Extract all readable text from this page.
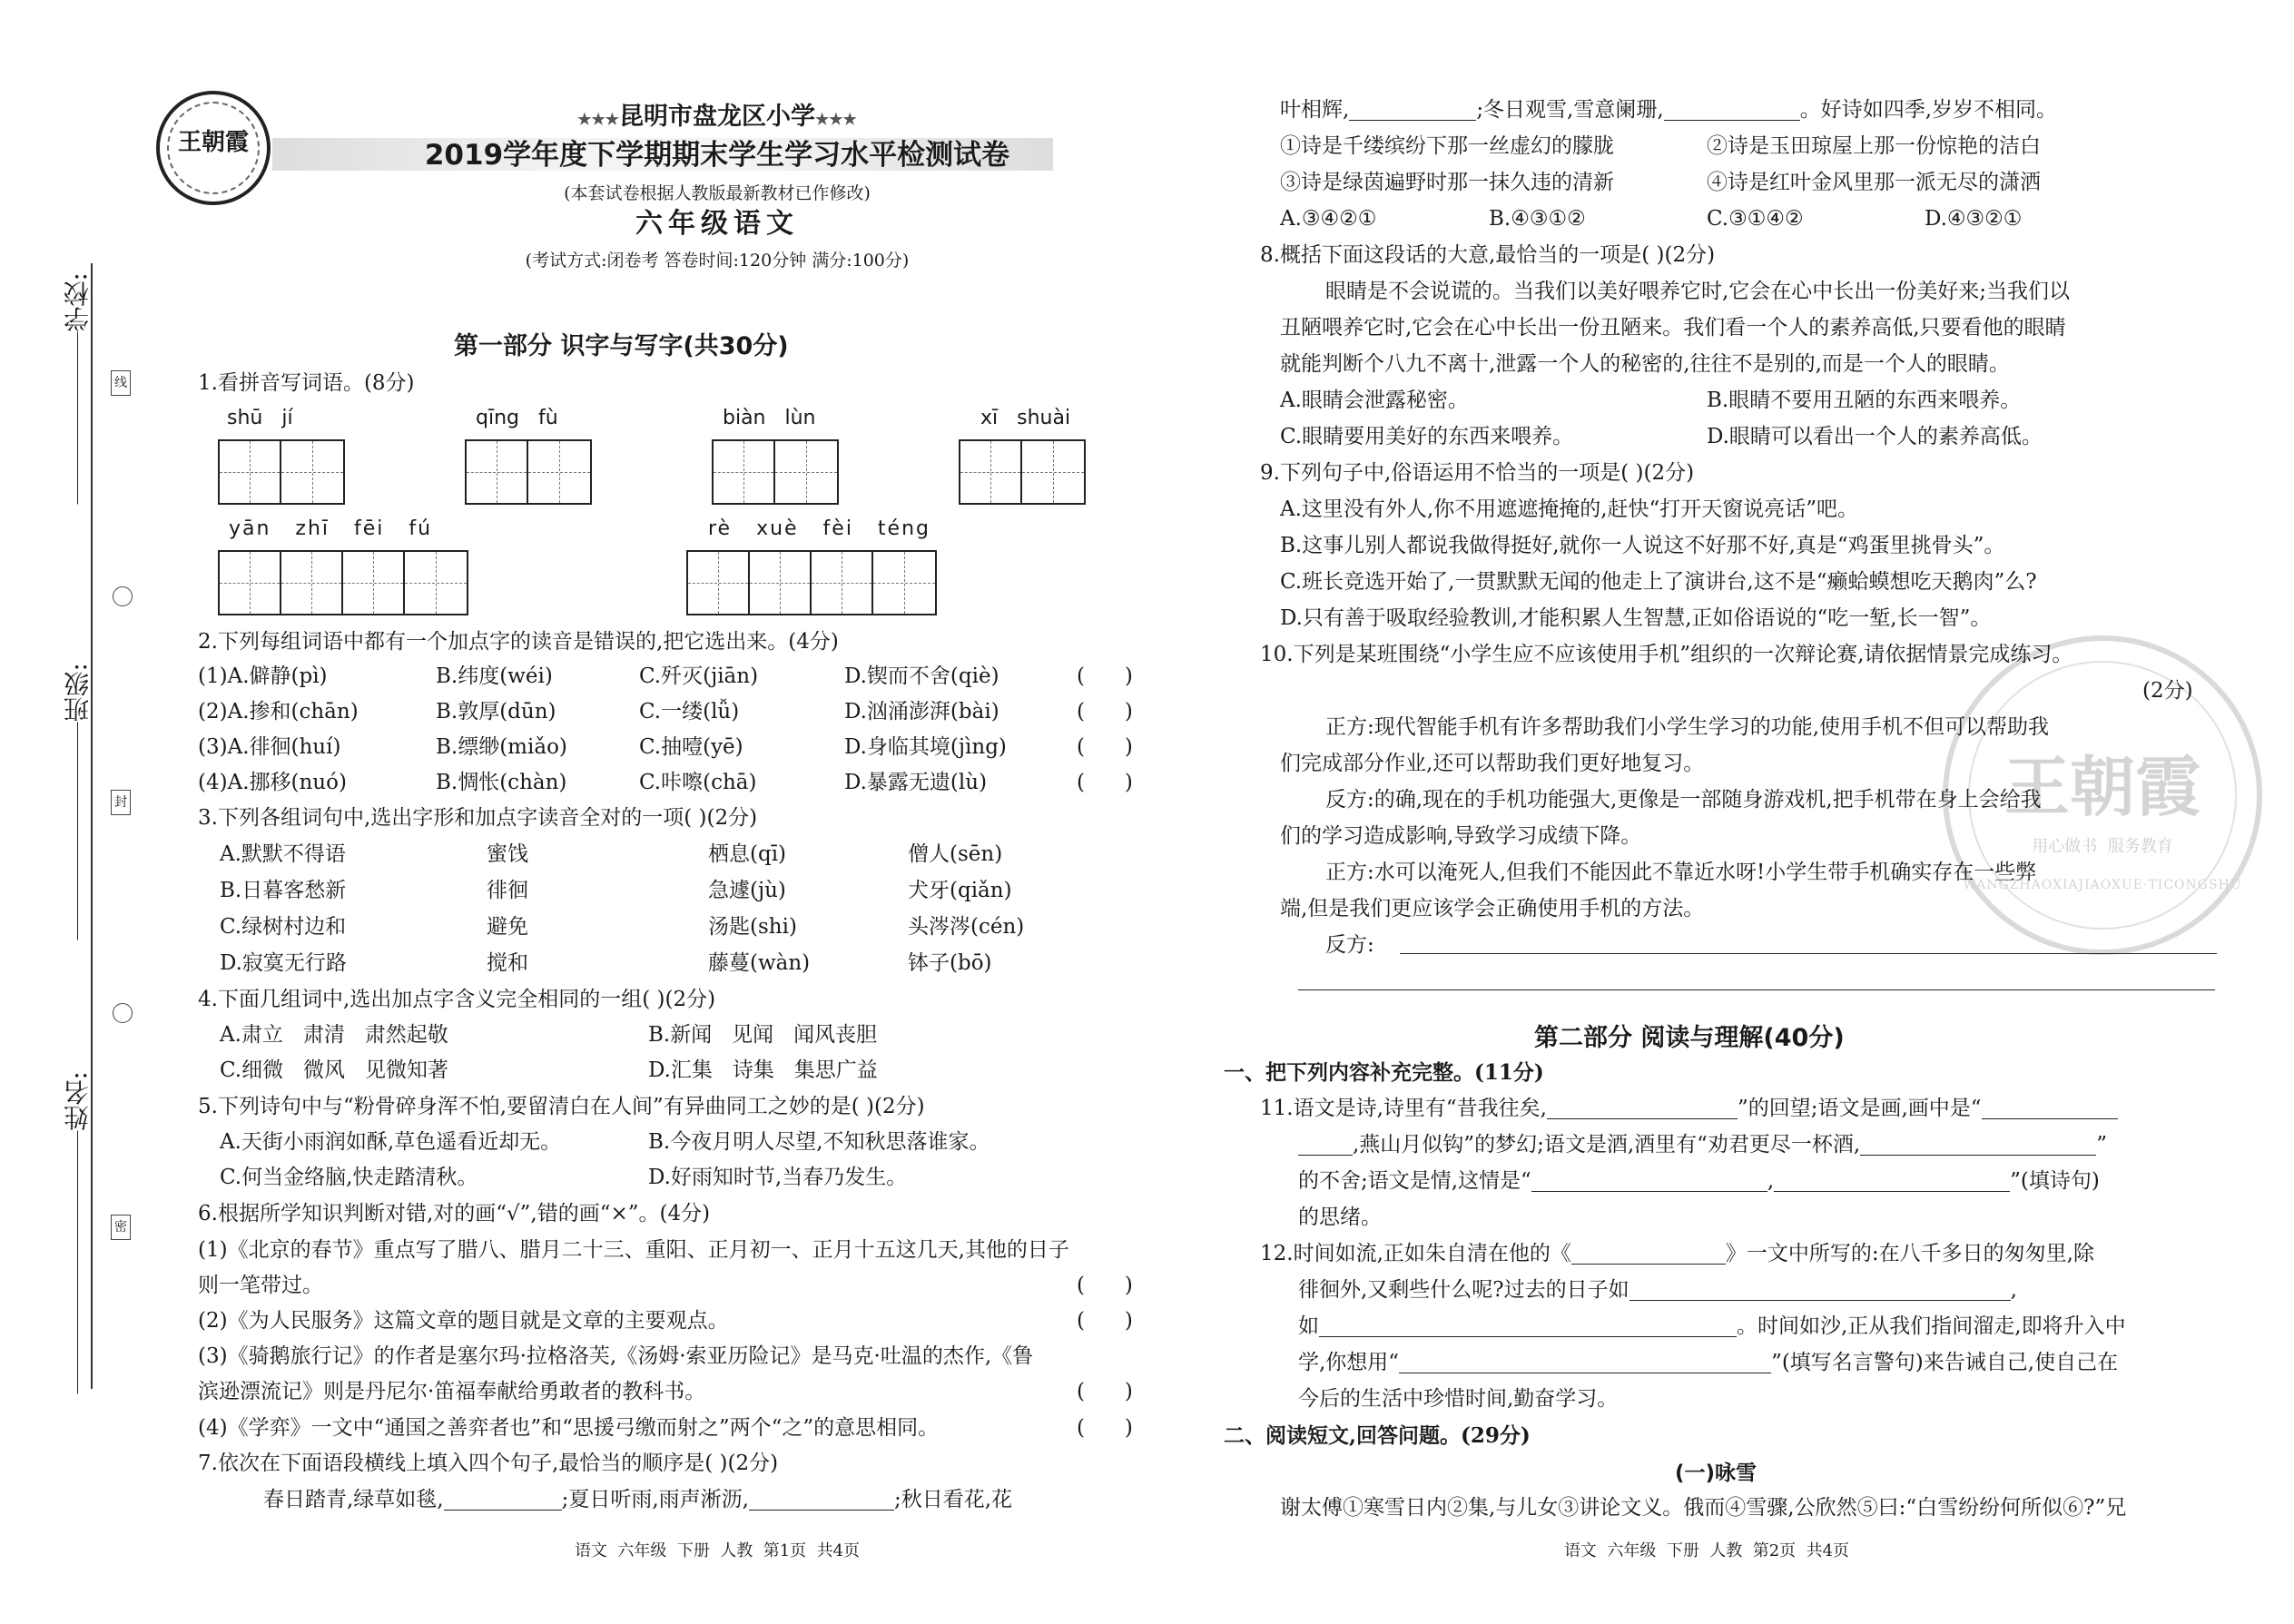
学校:
班级:
姓名:
线
封
密
王朝霞
★★★昆明市盘龙区小学★★★
2019学年度下学期期末学生学习水平检测试卷
(本套试卷根据人教版最新教材已作修改)
六年级语文
(考试方式:闭卷考 答卷时间:120分钟 满分:100分)
第一部分 识字与写字(共30分)
1.看拼音写词语。(8分)
shū   jí	qīng   fù	biàn   lùn	xī   shuài
yān   zhī   fēi   fú	rè   xuè   fèi   téng
2.下列每组词语中都有一个加点字的读音是错误的,把它选出来。(4分)
(1)A.僻静(pì)	B.纬度(wéi)	C.歼灭(jiān)	D.锲而不舍(qiè)	(      )
(2)A.掺和(chān)	B.敦厚(dūn)	C.一缕(lǚ)	D.汹涌澎湃(bài)	(      )
(3)A.徘徊(huí)	B.缥缈(miǎo)	C.抽噎(yē)	D.身临其境(jìng)	(      )
(4)A.挪移(nuó)	B.惆怅(chàn)	C.咔嚓(chā)	D.暴露无遗(lù)	(      )
3.下列各组词句中,选出字形和加点字读音全对的一项( )(2分)
A.默默不得语	蜜饯	栖息(qī)	僧人(sēn)
B.日暮客愁新	徘徊	急遽(jù)	犬牙(qiǎn)
C.绿树村边和	避免	汤匙(shi)	头涔涔(cén)
D.寂寞无行路	搅和	藤蔓(wàn)	钵子(bō)
4.下面几组词中,选出加点字含义完全相同的一组( )(2分)
A.肃立   肃清   肃然起敬	B.新闻   见闻   闻风丧胆
C.细微   微风   见微知著	D.汇集   诗集   集思广益
5.下列诗句中与“粉骨碎身浑不怕,要留清白在人间”有异曲同工之妙的是( )(2分)
A.天街小雨润如酥,草色遥看近却无。	B.今夜月明人尽望,不知秋思落谁家。
C.何当金络脑,快走踏清秋。	D.好雨知时节,当春乃发生。
6.根据所学知识判断对错,对的画“√”,错的画“×”。(4分)
(1)《北京的春节》重点写了腊八、腊月二十三、重阳、正月初一、正月十五这几天,其他的日子
则一笔带过。	(      )
(2)《为人民服务》这篇文章的题目就是文章的主要观点。	(      )
(3)《骑鹅旅行记》的作者是塞尔玛·拉格洛芙,《汤姆·索亚历险记》是马克·吐温的杰作,《鲁
滨逊漂流记》则是丹尼尔·笛福奉献给勇敢者的教科书。	(      )
(4)《学弈》一文中“通国之善弈者也”和“思援弓缴而射之”两个“之”的意思相同。	(      )
7.依次在下面语段横线上填入四个句子,最恰当的顺序是( )(2分)
春日踏青,绿草如毯,	;夏日听雨,雨声淅沥,	;秋日看花,花
语文  六年级  下册  人教  第1页  共4页
王朝霞
用心做书  服务教育
WANGZHAOXIAJIAOXUE·TICONGSHU
叶相辉,	;冬日观雪,雪意阑珊,	。好诗如四季,岁岁不相同。
①诗是千缕缤纷下那一丝虚幻的朦胧	②诗是玉田琼屋上那一份惊艳的洁白
③诗是绿茵遍野时那一抹久违的清新	④诗是红叶金风里那一派无尽的潇洒
A.③④②①	B.④③①②	C.③①④②	D.④③②①
8.概括下面这段话的大意,最恰当的一项是( )(2分)
眼睛是不会说谎的。当我们以美好喂养它时,它会在心中长出一份美好来;当我们以
丑陋喂养它时,它会在心中长出一份丑陋来。我们看一个人的素养高低,只要看他的眼睛
就能判断个八九不离十,泄露一个人的秘密的,往往不是别的,而是一个人的眼睛。
A.眼睛会泄露秘密。	B.眼睛不要用丑陋的东西来喂养。
C.眼睛要用美好的东西来喂养。	D.眼睛可以看出一个人的素养高低。
9.下列句子中,俗语运用不恰当的一项是( )(2分)
A.这里没有外人,你不用遮遮掩掩的,赶快“打开天窗说亮话”吧。
B.这事儿别人都说我做得挺好,就你一人说这不好那不好,真是“鸡蛋里挑骨头”。
C.班长竞选开始了,一贯默默无闻的他走上了演讲台,这不是“癞蛤蟆想吃天鹅肉”么?
D.只有善于吸取经验教训,才能积累人生智慧,正如俗语说的“吃一堑,长一智”。
10.下列是某班围绕“小学生应不应该使用手机”组织的一次辩论赛,请依据情景完成练习。
(2分)
正方:现代智能手机有许多帮助我们小学生学习的功能,使用手机不但可以帮助我
们完成部分作业,还可以帮助我们更好地复习。
反方:的确,现在的手机功能强大,更像是一部随身游戏机,把手机带在身上会给我
们的学习造成影响,导致学习成绩下降。
正方:水可以淹死人,但我们不能因此不靠近水呀!小学生带手机确实存在一些弊
端,但是我们更应该学会正确使用手机的方法。
反方:
第二部分 阅读与理解(40分)
一、把下列内容补充完整。(11分)
11.语文是诗,诗里有“昔我往矣,	”的回望;语文是画,画中是“
,燕山月似钩”的梦幻;语文是酒,酒里有“劝君更尽一杯酒,	”
的不舍;语文是情,这情是“	,	”(填诗句)
的思绪。
12.时间如流,正如朱自清在他的《	》一文中所写的:在八千多日的匆匆里,除
徘徊外,又剩些什么呢?过去的日子如	,
如	。时间如沙,正从我们指间溜走,即将升入中
学,你想用“	”(填写名言警句)来告诫自己,使自己在
今后的生活中珍惜时间,勤奋学习。
二、阅读短文,回答问题。(29分)
(一)咏雪
谢太傅①寒雪日内②集,与儿女③讲论文义。俄而④雪骤,公欣然⑤曰:“白雪纷纷何所似⑥?”兄
语文  六年级  下册  人教  第2页  共4页
